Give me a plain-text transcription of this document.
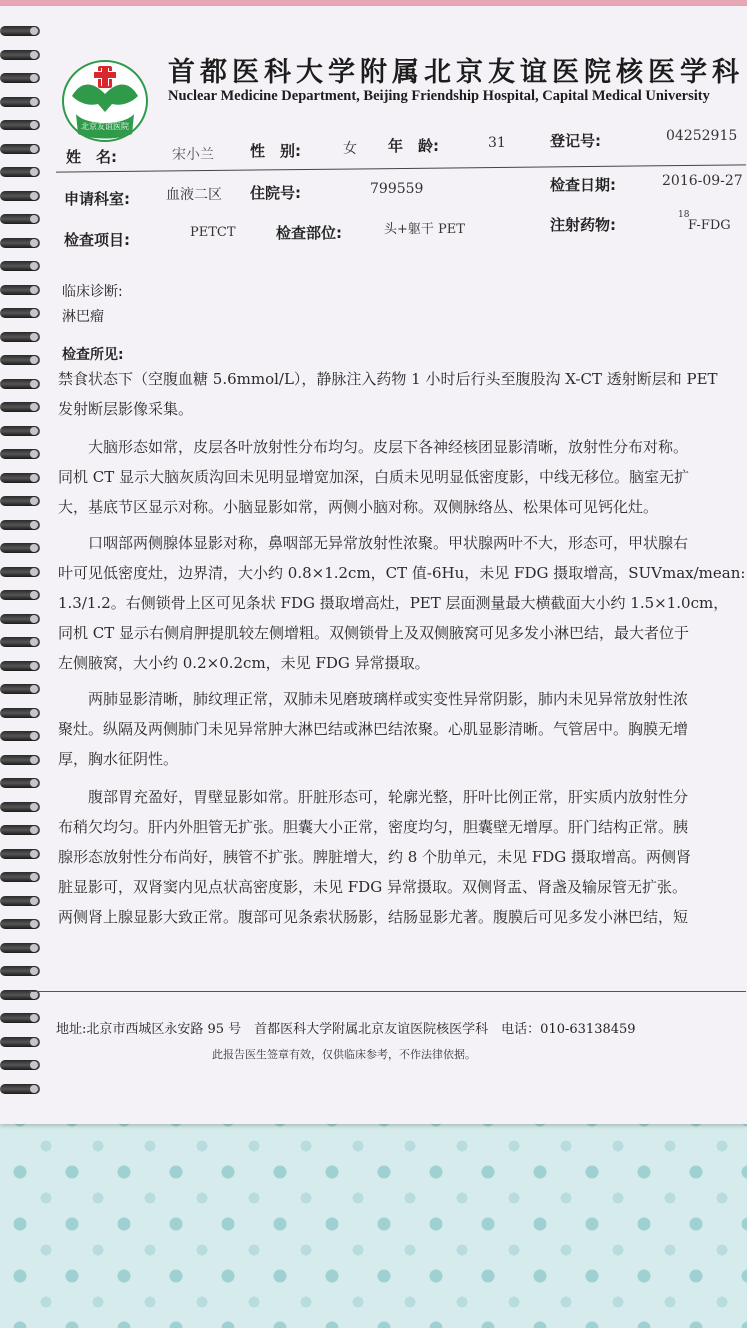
北京友谊医院
首都医科大学附属北京友谊医院核医学科
Nuclear Medicine Department, Beijing Friendship Hospital, Capital Medical University
姓　名:	宋小兰 性　别:	女 年　龄:	31	登记号:	04252915
申请科室:	血液二区 住院号:	799559	检查日期:	2016-09-27
检查项目:	PETCT	检查部位:	头+躯干 PET	注射药物:
18
F-FDG
临床诊断:
淋巴瘤
检查所见:
禁食状态下（空腹血糖 5.6mmol/L），静脉注入药物 1 小时后行头至腹股沟 X-CT 透射断层和 PET
发射断层影像采集。
　　大脑形态如常，皮层各叶放射性分布均匀。皮层下各神经核团显影清晰，放射性分布对称。
同机 CT 显示大脑灰质沟回未见明显增宽加深，白质未见明显低密度影，中线无移位。脑室无扩
大，基底节区显示对称。小脑显影如常，两侧小脑对称。双侧脉络丛、松果体可见钙化灶。
　　口咽部两侧腺体显影对称，鼻咽部无异常放射性浓聚。甲状腺两叶不大，形态可，甲状腺右
叶可见低密度灶，边界清，大小约 0.8×1.2cm，CT 值-6Hu，未见 FDG 摄取增高，SUVmax/mean:
1.3/1.2。右侧锁骨上区可见条状 FDG 摄取增高灶，PET 层面测量最大横截面大小约 1.5×1.0cm，
同机 CT 显示右侧肩胛提肌较左侧增粗。双侧锁骨上及双侧腋窝可见多发小淋巴结，最大者位于
左侧腋窝，大小约 0.2×0.2cm，未见 FDG 异常摄取。
　　两肺显影清晰，肺纹理正常，双肺未见磨玻璃样或实变性异常阴影，肺内未见异常放射性浓
聚灶。纵隔及两侧肺门未见异常肿大淋巴结或淋巴结浓聚。心肌显影清晰。气管居中。胸膜无增
厚，胸水征阴性。
　　腹部胃充盈好，胃壁显影如常。肝脏形态可，轮廓光整，肝叶比例正常，肝实质内放射性分
布稍欠均匀。肝内外胆管无扩张。胆囊大小正常，密度均匀，胆囊壁无增厚。肝门结构正常。胰
腺形态放射性分布尚好，胰管不扩张。脾脏增大，约 8 个肋单元，未见 FDG 摄取增高。两侧肾
脏显影可，双肾窦内见点状高密度影，未见 FDG 异常摄取。双侧肾盂、肾盏及输尿管无扩张。
两侧肾上腺显影大致正常。腹部可见条索状肠影，结肠显影尤著。腹膜后可见多发小淋巴结，短
地址:北京市西城区永安路 95 号　首都医科大学附属北京友谊医院核医学科　电话：010-63138459
此报告医生签章有效，仅供临床参考，不作法律依据。
